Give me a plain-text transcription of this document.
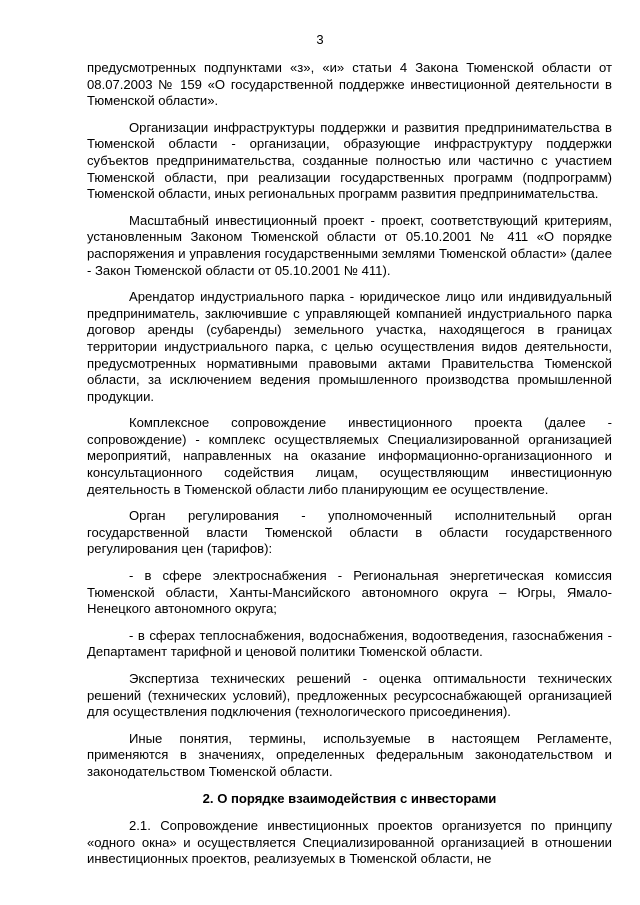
3

предусмотренных подпунктами «з», «и» статьи 4 Закона Тюменской области от 08.07.2003 № 159 «О государственной поддержке инвестиционной деятельности в Тюменской области».

Организации инфраструктуры поддержки и развития предпринимательства в Тюменской области - организации, образующие инфраструктуру поддержки субъектов предпринимательства, созданные полностью или частично с участием Тюменской области, при реализации государственных программ (подпрограмм) Тюменской области, иных региональных программ развития предпринимательства.

Масштабный инвестиционный проект - проект, соответствующий критериям, установленным Законом Тюменской области от 05.10.2001 № 411 «О порядке распоряжения и управления государственными землями Тюменской области» (далее - Закон Тюменской области от 05.10.2001 № 411).

Арендатор индустриального парка - юридическое лицо или индивидуальный предприниматель, заключившие с управляющей компанией индустриального парка договор аренды (субаренды) земельного участка, находящегося в границах территории индустриального парка, с целью осуществления видов деятельности, предусмотренных нормативными правовыми актами Правительства Тюменской области, за исключением ведения промышленного производства промышленной продукции.

Комплексное сопровождение инвестиционного проекта (далее - сопровождение) - комплекс осуществляемых Специализированной организацией мероприятий, направленных на оказание информационно-организационного и консультационного содействия лицам, осуществляющим инвестиционную деятельность в Тюменской области либо планирующим ее осуществление.

Орган регулирования - уполномоченный исполнительный орган государственной власти Тюменской области в области государственного регулирования цен (тарифов):

- в сфере электроснабжения - Региональная энергетическая комиссия Тюменской области, Ханты-Мансийского автономного округа – Югры, Ямало-Ненецкого автономного округа;

- в сферах теплоснабжения, водоснабжения, водоотведения, газоснабжения - Департамент тарифной и ценовой политики Тюменской области.

Экспертиза технических решений - оценка оптимальности технических решений (технических условий), предложенных ресурсоснабжающей организацией для осуществления подключения (технологического присоединения).

Иные понятия, термины, используемые в настоящем Регламенте, применяются в значениях, определенных федеральным законодательством и законодательством Тюменской области.

2. О порядке взаимодействия с инвесторами

2.1. Сопровождение инвестиционных проектов организуется по принципу «одного окна» и осуществляется Специализированной организацией в отношении инвестиционных проектов, реализуемых в Тюменской области, не
